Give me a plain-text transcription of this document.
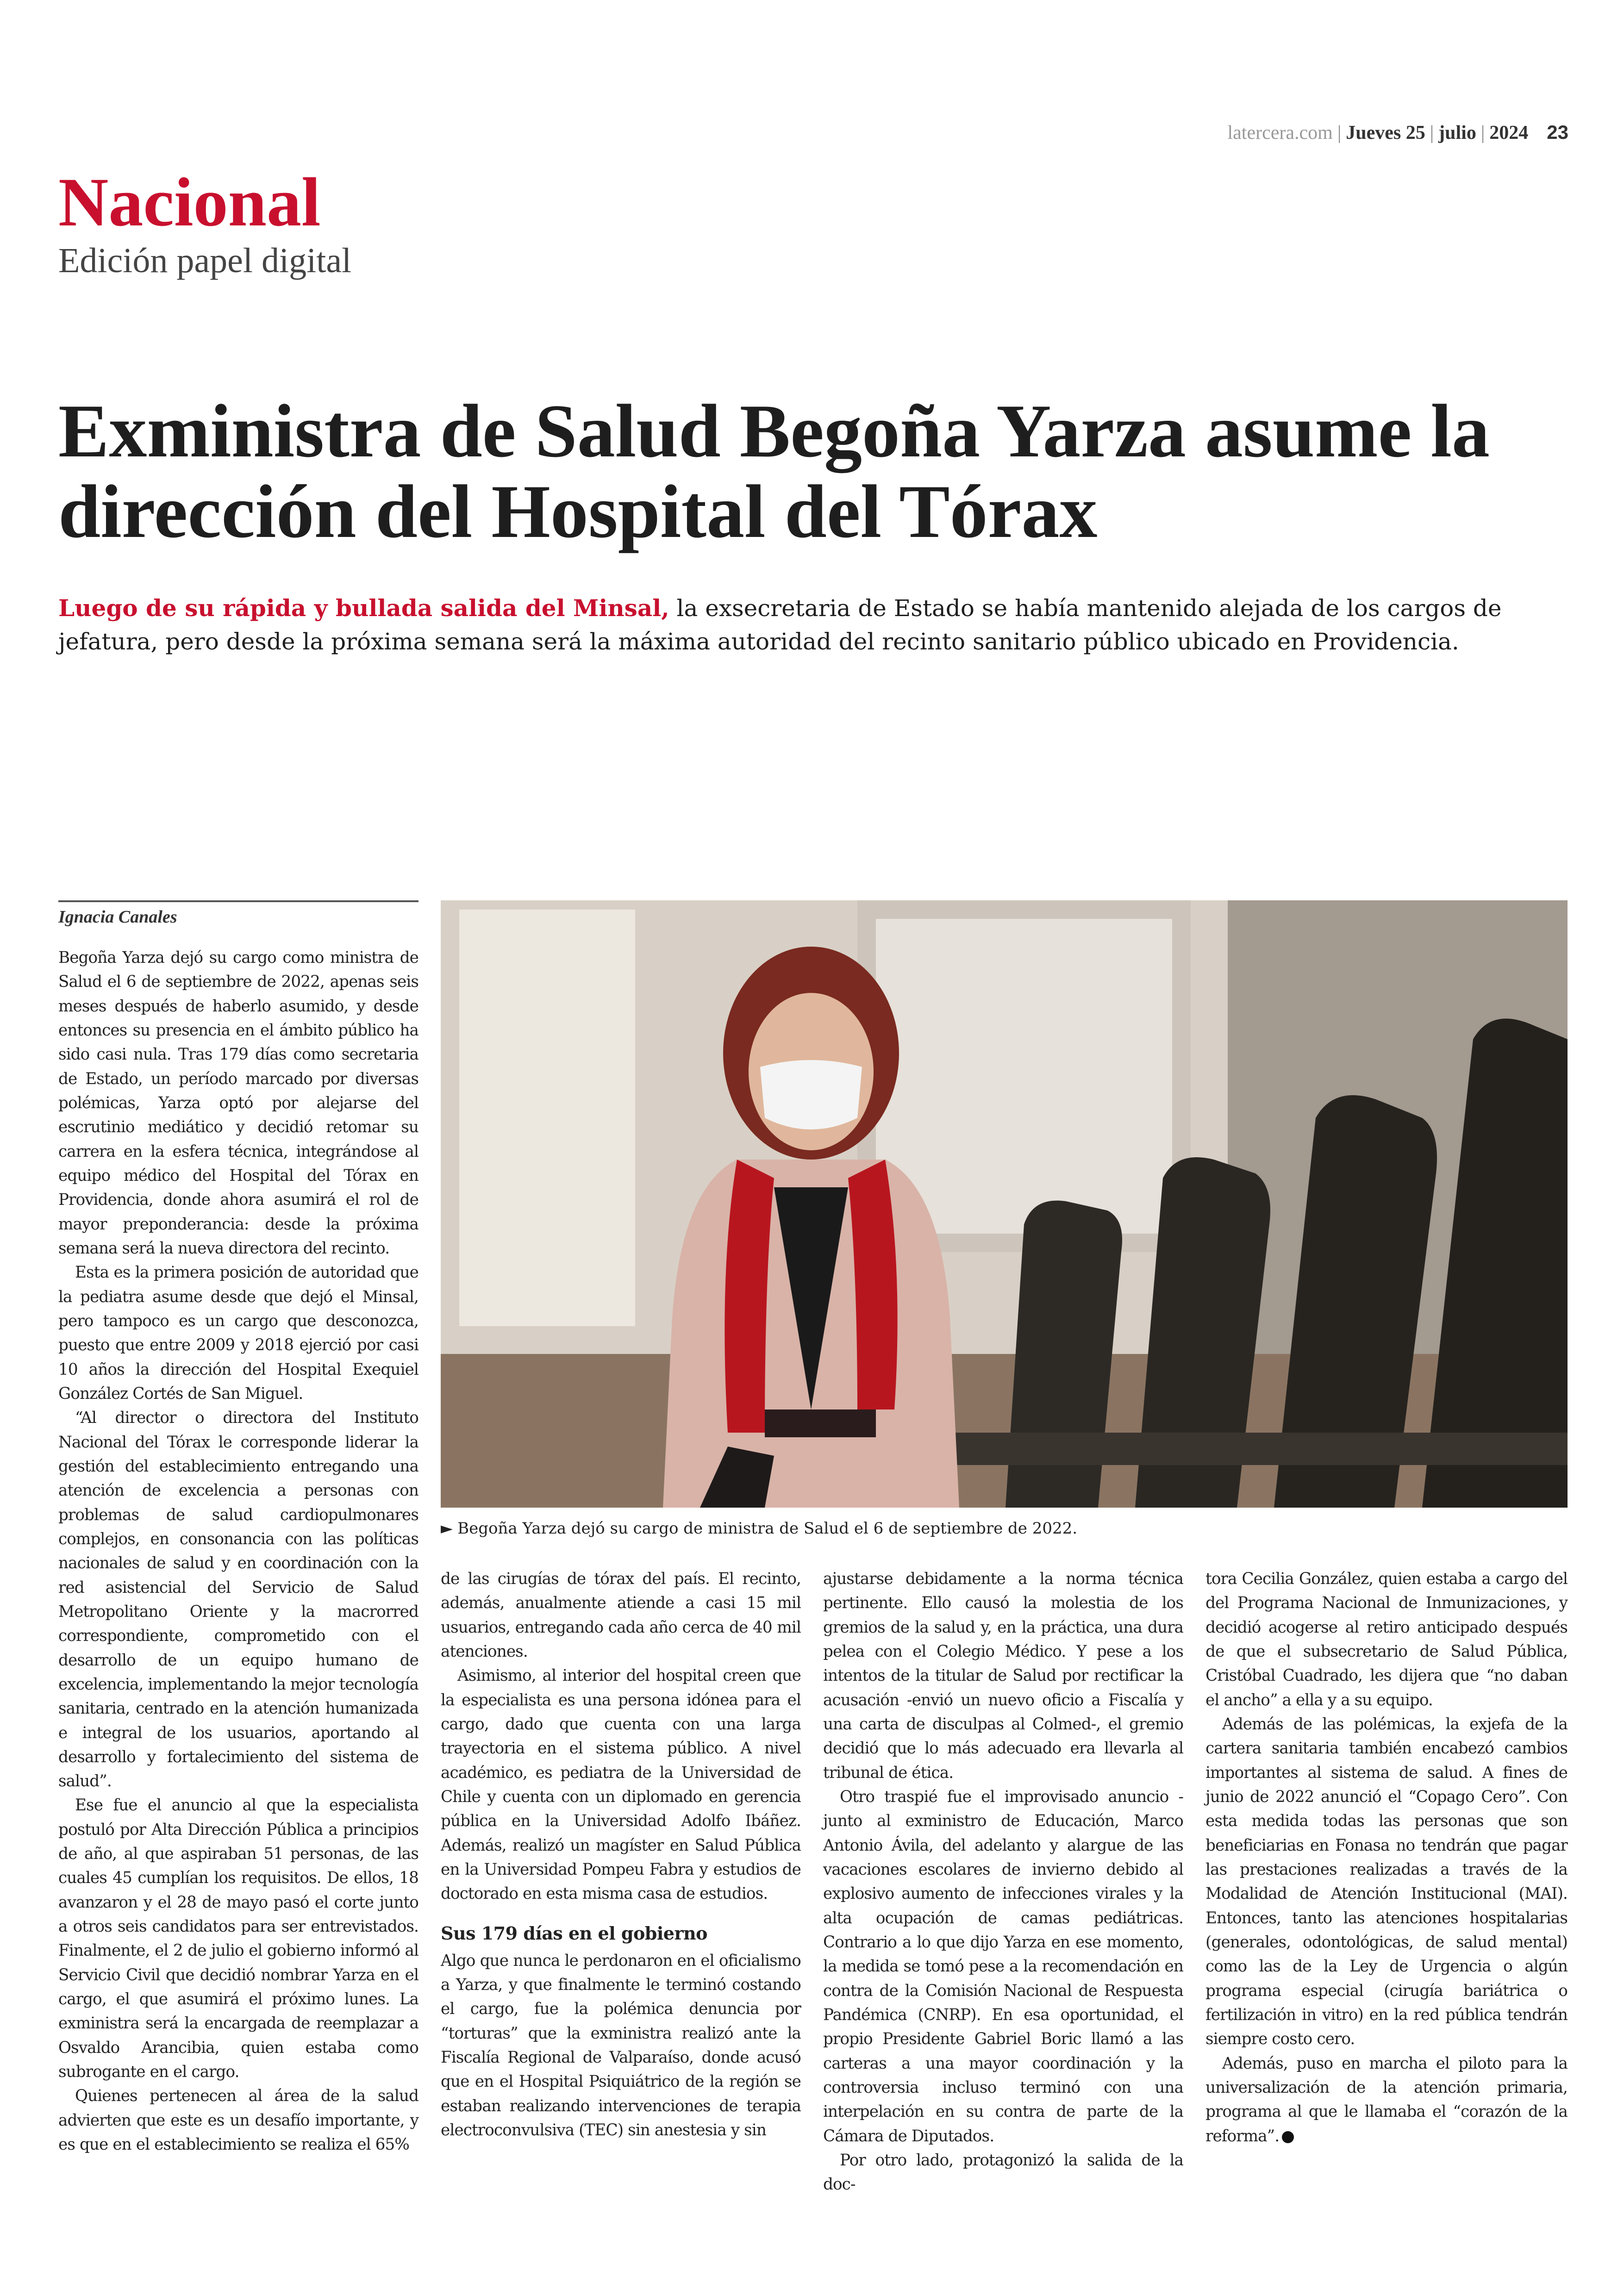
latercera.com | Jueves 25 | julio | 2024 23
Nacional
Edición papel digital
Exministra de Salud Begoña Yarza asume la dirección del Hospital del Tórax
Luego de su rápida y bullada salida del Minsal, la exsecretaria de Estado se había mantenido alejada de los cargos de jefatura, pero desde la próxima semana será la máxima autoridad del recinto sanitario público ubicado en Providencia.
Ignacia Canales
► Begoña Yarza dejó su cargo de ministra de Salud el 6 de septiembre de 2022.

Begoña Yarza dejó su cargo como ministra de Salud el 6 de septiembre de 2022, apenas seis meses después de haberlo asumido, y desde entonces su presencia en el ámbito público ha sido casi nula. Tras 179 días como secretaria de Estado, un período marcado por diversas polémicas, Yarza optó por alejarse del escrutinio mediático y decidió retomar su carrera en la esfera técnica, integrándose al equipo médico del Hospital del Tórax en Providencia, donde ahora asumirá el rol de mayor preponderancia: desde la próxima semana será la nueva directora del recinto.

Esta es la primera posición de autoridad que la pediatra asume desde que dejó el Minsal, pero tampoco es un cargo que desconozca, puesto que entre 2009 y 2018 ejerció por casi 10 años la dirección del Hospital Exequiel González Cortés de San Miguel.

“Al director o directora del Instituto Nacional del Tórax le corresponde liderar la gestión del establecimiento entregando una atención de excelencia a personas con problemas de salud cardiopulmonares complejos, en consonancia con las políticas nacionales de salud y en coordinación con la red asistencial del Servicio de Salud Metropolitano Oriente y la macrorred correspondiente, comprometido con el desarrollo de un equipo humano de excelencia, implementando la mejor tecnología sanitaria, centrado en la atención humanizada e integral de los usuarios, aportando al desarrollo y fortalecimiento del sistema de salud”.

Ese fue el anuncio al que la especialista postuló por Alta Dirección Pública a principios de año, al que aspiraban 51 personas, de las cuales 45 cumplían los requisitos. De ellos, 18 avanzaron y el 28 de mayo pasó el corte junto a otros seis candidatos para ser entrevistados. Finalmente, el 2 de julio el gobierno informó al Servicio Civil que decidió nombrar Yarza en el cargo, el que asumirá el próximo lunes. La exministra será la encargada de reemplazar a Osvaldo Arancibia, quien estaba como subrogante en el cargo.

Quienes pertenecen al área de la salud advierten que este es un desafío importante, y es que en el establecimiento se realiza el 65%

de las cirugías de tórax del país. El recinto, además, anualmente atiende a casi 15 mil usuarios, entregando cada año cerca de 40 mil atenciones.

Asimismo, al interior del hospital creen que la especialista es una persona idónea para el cargo, dado que cuenta con una larga trayectoria en el sistema público. A nivel académico, es pediatra de la Universidad de Chile y cuenta con un diplomado en gerencia pública en la Universidad Adolfo Ibáñez. Además, realizó un magíster en Salud Pública en la Universidad Pompeu Fabra y estudios de doctorado en esta misma casa de estudios.

Sus 179 días en el gobierno

Algo que nunca le perdonaron en el oficialismo a Yarza, y que finalmente le terminó costando el cargo, fue la polémica denuncia por “torturas” que la exministra realizó ante la Fiscalía Regional de Valparaíso, donde acusó que en el Hospital Psiquiátrico de la región se estaban realizando intervenciones de terapia electroconvulsiva (TEC) sin anestesia y sin

ajustarse debidamente a la norma técnica pertinente. Ello causó la molestia de los gremios de la salud y, en la práctica, una dura pelea con el Colegio Médico. Y pese a los intentos de la titular de Salud por rectificar la acusación -envió un nuevo oficio a Fiscalía y una carta de disculpas al Colmed-, el gremio decidió que lo más adecuado era llevarla al tribunal de ética.

Otro traspié fue el improvisado anuncio -junto al exministro de Educación, Marco Antonio Ávila, del adelanto y alargue de las vacaciones escolares de invierno debido al explosivo aumento de infecciones virales y la alta ocupación de camas pediátricas. Contrario a lo que dijo Yarza en ese momento, la medida se tomó pese a la recomendación en contra de la Comisión Nacional de Respuesta Pandémica (CNRP). En esa oportunidad, el propio Presidente Gabriel Boric llamó a las carteras a una mayor coordinación y la controversia incluso terminó con una interpelación en su contra de parte de la Cámara de Diputados.

Por otro lado, protagonizó la salida de la doc-

tora Cecilia González, quien estaba a cargo del del Programa Nacional de Inmunizaciones, y decidió acogerse al retiro anticipado después de que el subsecretario de Salud Pública, Cristóbal Cuadrado, les dijera que “no daban el ancho” a ella y a su equipo.

Además de las polémicas, la exjefa de la cartera sanitaria también encabezó cambios importantes al sistema de salud. A fines de junio de 2022 anunció el “Copago Cero”. Con esta medida todas las personas que son beneficiarias en Fonasa no tendrán que pagar las prestaciones realizadas a través de la Modalidad de Atención Institucional (MAI). Entonces, tanto las atenciones hospitalarias (generales, odontológicas, de salud mental) como las de la Ley de Urgencia o algún programa especial (cirugía bariátrica o fertilización in vitro) en la red pública tendrán siempre costo cero.

Además, puso en marcha el piloto para la universalización de la atención primaria, programa al que le llamaba el “corazón de la reforma”.
